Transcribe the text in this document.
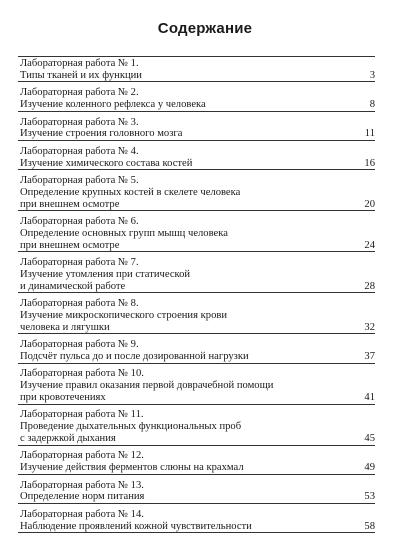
Содержание
Лабораторная работа № 1.
Типы тканей и их функции	3
Лабораторная работа № 2.
Изучение коленного рефлекса у человека	8
Лабораторная работа № 3.
Изучение строения головного мозга	11
Лабораторная работа № 4.
Изучение химического состава костей	16
Лабораторная работа № 5.
Определение крупных костей в скелете человека
при внешнем осмотре	20
Лабораторная работа № 6.
Определение основных групп мышц человека
при внешнем осмотре	24
Лабораторная работа № 7.
Изучение утомления при статической
и динамической работе	28
Лабораторная работа № 8.
Изучение микроскопического строения крови
человека и лягушки	32
Лабораторная работа № 9.
Подсчёт пульса до и после дозированной нагрузки	37
Лабораторная работа № 10.
Изучение правил оказания первой доврачебной помощи
при кровотечениях	41
Лабораторная работа № 11.
Проведение дыхательных функциональных проб
с задержкой дыхания	45
Лабораторная работа № 12.
Изучение действия ферментов слюны на крахмал	49
Лабораторная работа № 13.
Определение норм питания	53
Лабораторная работа № 14.
Наблюдение проявлений кожной чувствительности	58
